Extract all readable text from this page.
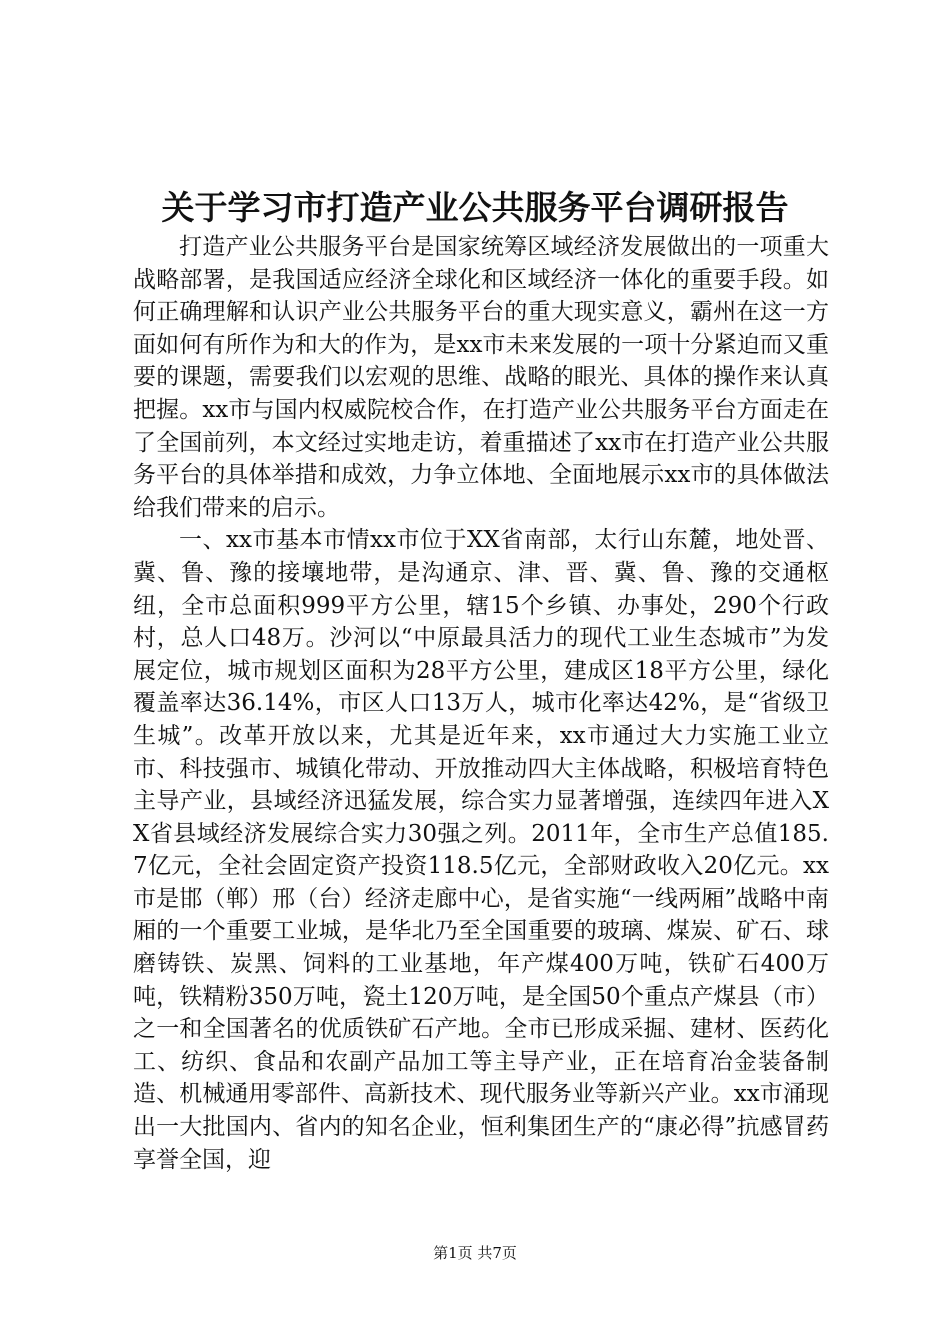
关于学习市打造产业公共服务平台调研报告

打造产业公共服务平台是国家统筹区域经济发展做出的一项重大战略部署，是我国适应经济全球化和区域经济一体化的重要手段。如何正确理解和认识产业公共服务平台的重大现实意义，霸州在这一方面如何有所作为和大的作为，是xx市未来发展的一项十分紧迫而又重要的课题，需要我们以宏观的思维、战略的眼光、具体的操作来认真把握。xx市与国内权威院校合作，在打造产业公共服务平台方面走在了全国前列，本文经过实地走访，着重描述了xx市在打造产业公共服务平台的具体举措和成效，力争立体地、全面地展示xx市的具体做法给我们带来的启示。

一、xx市基本市情xx市位于XX省南部，太行山东麓，地处晋、冀、鲁、豫的接壤地带，是沟通京、津、晋、冀、鲁、豫的交通枢纽，全市总面积999平方公里，辖15个乡镇、办事处，290个行政村，总人口48万。沙河以“中原最具活力的现代工业生态城市”为发展定位，城市规划区面积为28平方公里，建成区18平方公里，绿化覆盖率达36.14%，市区人口13万人，城市化率达42%，是“省级卫生城”。改革开放以来，尤其是近年来，xx市通过大力实施工业立市、科技强市、城镇化带动、开放推动四大主体战略，积极培育特色主导产业，县域经济迅猛发展，综合实力显著增强，连续四年进入XX省县域经济发展综合实力30强之列。2011年，全市生产总值185.7亿元，全社会固定资产投资118.5亿元，全部财政收入20亿元。xx市是邯（郸）邢（台）经济走廊中心，是省实施“一线两厢”战略中南厢的一个重要工业城，是华北乃至全国重要的玻璃、煤炭、矿石、球磨铸铁、炭黑、饲料的工业基地，年产煤400万吨，铁矿石400万吨，铁精粉350万吨，瓷土120万吨，是全国50个重点产煤县（市）之一和全国著名的优质铁矿石产地。全市已形成采掘、建材、医药化工、纺织、食品和农副产品加工等主导产业，正在培育冶金装备制造、机械通用零部件、高新技术、现代服务业等新兴产业。xx市涌现出一大批国内、省内的知名企业，恒利集团生产的“康必得”抗感冒药享誉全国，迎

第1页 共7页
